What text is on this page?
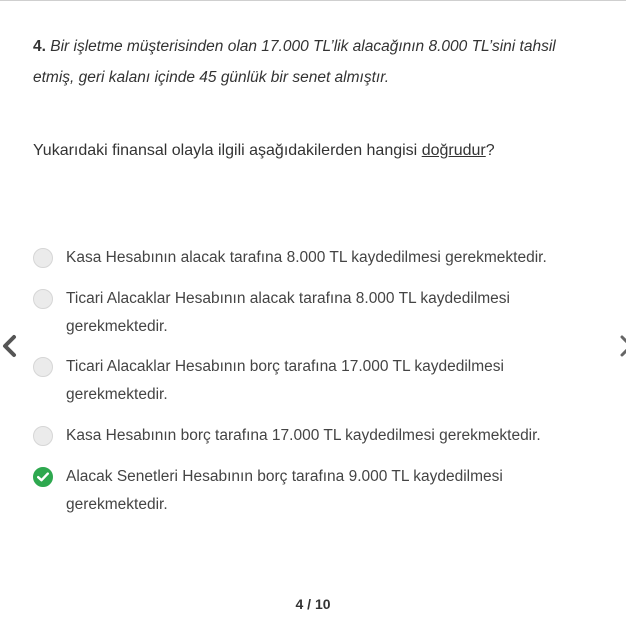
4. Bir işletme müşterisinden olan 17.000 TL’lik alacağının 8.000 TL’sini tahsil etmiş, geri kalanı içinde 45 günlük bir senet almıştır.
Yukarıdaki finansal olayla ilgili aşağıdakilerden hangisi doğrudur?
Kasa Hesabının alacak tarafına 8.000 TL kaydedilmesi gerekmektedir.
Ticari Alacaklar Hesabının alacak tarafına 8.000 TL kaydedilmesi gerekmektedir.
Ticari Alacaklar Hesabının borç tarafına 17.000 TL kaydedilmesi gerekmektedir.
Kasa Hesabının borç tarafına 17.000 TL kaydedilmesi gerekmektedir.
Alacak Senetleri Hesabının borç tarafına 9.000 TL kaydedilmesi gerekmektedir.
4 / 10
